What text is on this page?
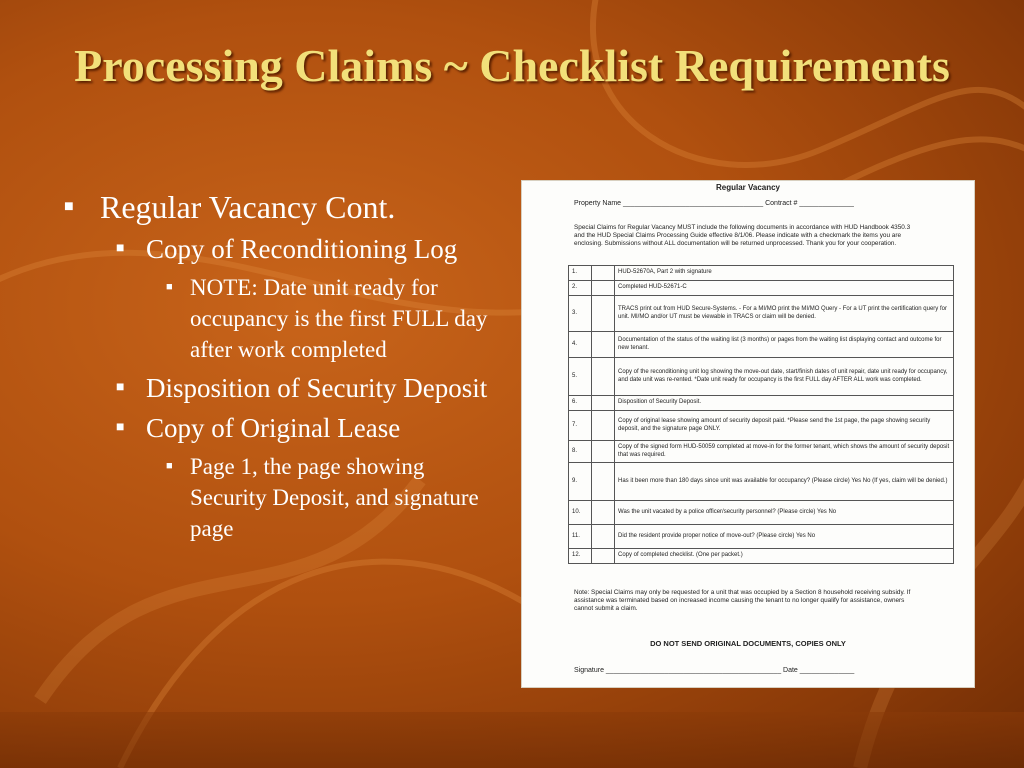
Processing Claims ~ Checklist Requirements
■ Regular Vacancy Cont.
■ Copy of Reconditioning Log
■ NOTE: Date unit ready for occupancy is the first FULL day after work completed
■ Disposition of Security Deposit
■ Copy of Original Lease
■ Page 1, the page showing Security Deposit, and signature page
Regular Vacancy
Property Name ____________________________________ Contract # ______________
Special Claims for Regular Vacancy MUST include the following documents in accordance with HUD Handbook 4350.3 and the HUD Special Claims Processing Guide effective 8/1/06. Please indicate with a checkmark the items you are enclosing. Submissions without ALL documentation will be returned unprocessed. Thank you for your cooperation.
1.		HUD-52670A, Part 2 with signature
2.		Completed HUD-52671-C
3.		TRACS print out from HUD Secure-Systems. - For a MI/MO print the MI/MO Query - For a UT print the certification query for unit. MI/MO and/or UT must be viewable in TRACS or claim will be denied.
4.		Documentation of the status of the waiting list (3 months) or pages from the waiting list displaying contact and outcome for new tenant.
5.		Copy of the reconditioning unit log showing the move-out date, start/finish dates of unit repair, date unit ready for occupancy, and date unit was re-rented. *Date unit ready for occupancy is the first FULL day AFTER ALL work was completed.
6.		Disposition of Security Deposit.
7.		Copy of original lease showing amount of security deposit paid. *Please send the 1st page, the page showing security deposit, and the signature page ONLY.
8.		Copy of the signed form HUD-50059 completed at move-in for the former tenant, which shows the amount of security deposit that was required.
9.		Has it been more than 180 days since unit was available for occupancy? (Please circle) Yes No (If yes, claim will be denied.)
10.		Was the unit vacated by a police officer/security personnel? (Please circle) Yes No
11.		Did the resident provide proper notice of move-out? (Please circle) Yes No
12.		Copy of completed checklist. (One per packet.)
Note: Special Claims may only be requested for a unit that was occupied by a Section 8 household receiving subsidy. If assistance was terminated based on increased income causing the tenant to no longer qualify for assistance, owners cannot submit a claim.
DO NOT SEND ORIGINAL DOCUMENTS, COPIES ONLY
Signature _____________________________________________ Date ______________
